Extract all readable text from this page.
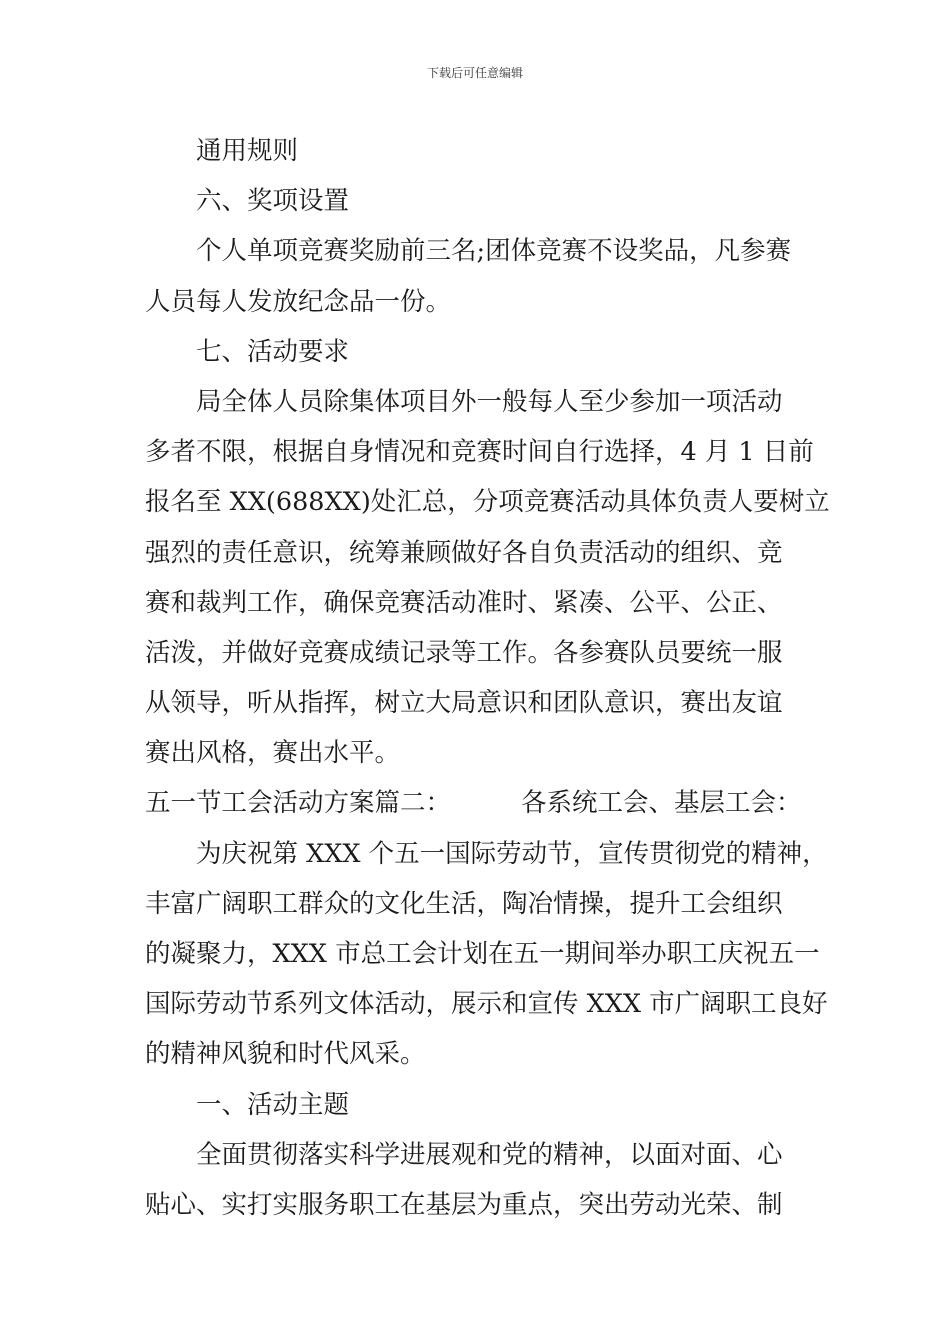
下载后可任意编辑
通用规则
六、奖项设置
个人单项竞赛奖励前三名;团体竞赛不设奖品，凡参赛
人员每人发放纪念品一份。
七、活动要求
局全体人员除集体项目外一般每人至少参加一项活动
多者不限，根据自身情况和竞赛时间自行选择，4 月 1 日前
报名至 XX(688XX)处汇总，分项竞赛活动具体负责人要树立
强烈的责任意识，统筹兼顾做好各自负责活动的组织、竞
赛和裁判工作，确保竞赛活动准时、紧凑、公平、公正、
活泼，并做好竞赛成绩记录等工作。各参赛队员要统一服
从领导，听从指挥，树立大局意识和团队意识，赛出友谊
赛出风格，赛出水平。
五一节工会活动方案篇二：	各系统工会、基层工会：
为庆祝第 XXX 个五一国际劳动节，宣传贯彻党的精神，
丰富广阔职工群众的文化生活，陶冶情操，提升工会组织
的凝聚力，XXX 市总工会计划在五一期间举办职工庆祝五一
国际劳动节系列文体活动，展示和宣传 XXX 市广阔职工良好
的精神风貌和时代风采。
一、活动主题
全面贯彻落实科学进展观和党的精神，以面对面、心
贴心、实打实服务职工在基层为重点，突出劳动光荣、制
